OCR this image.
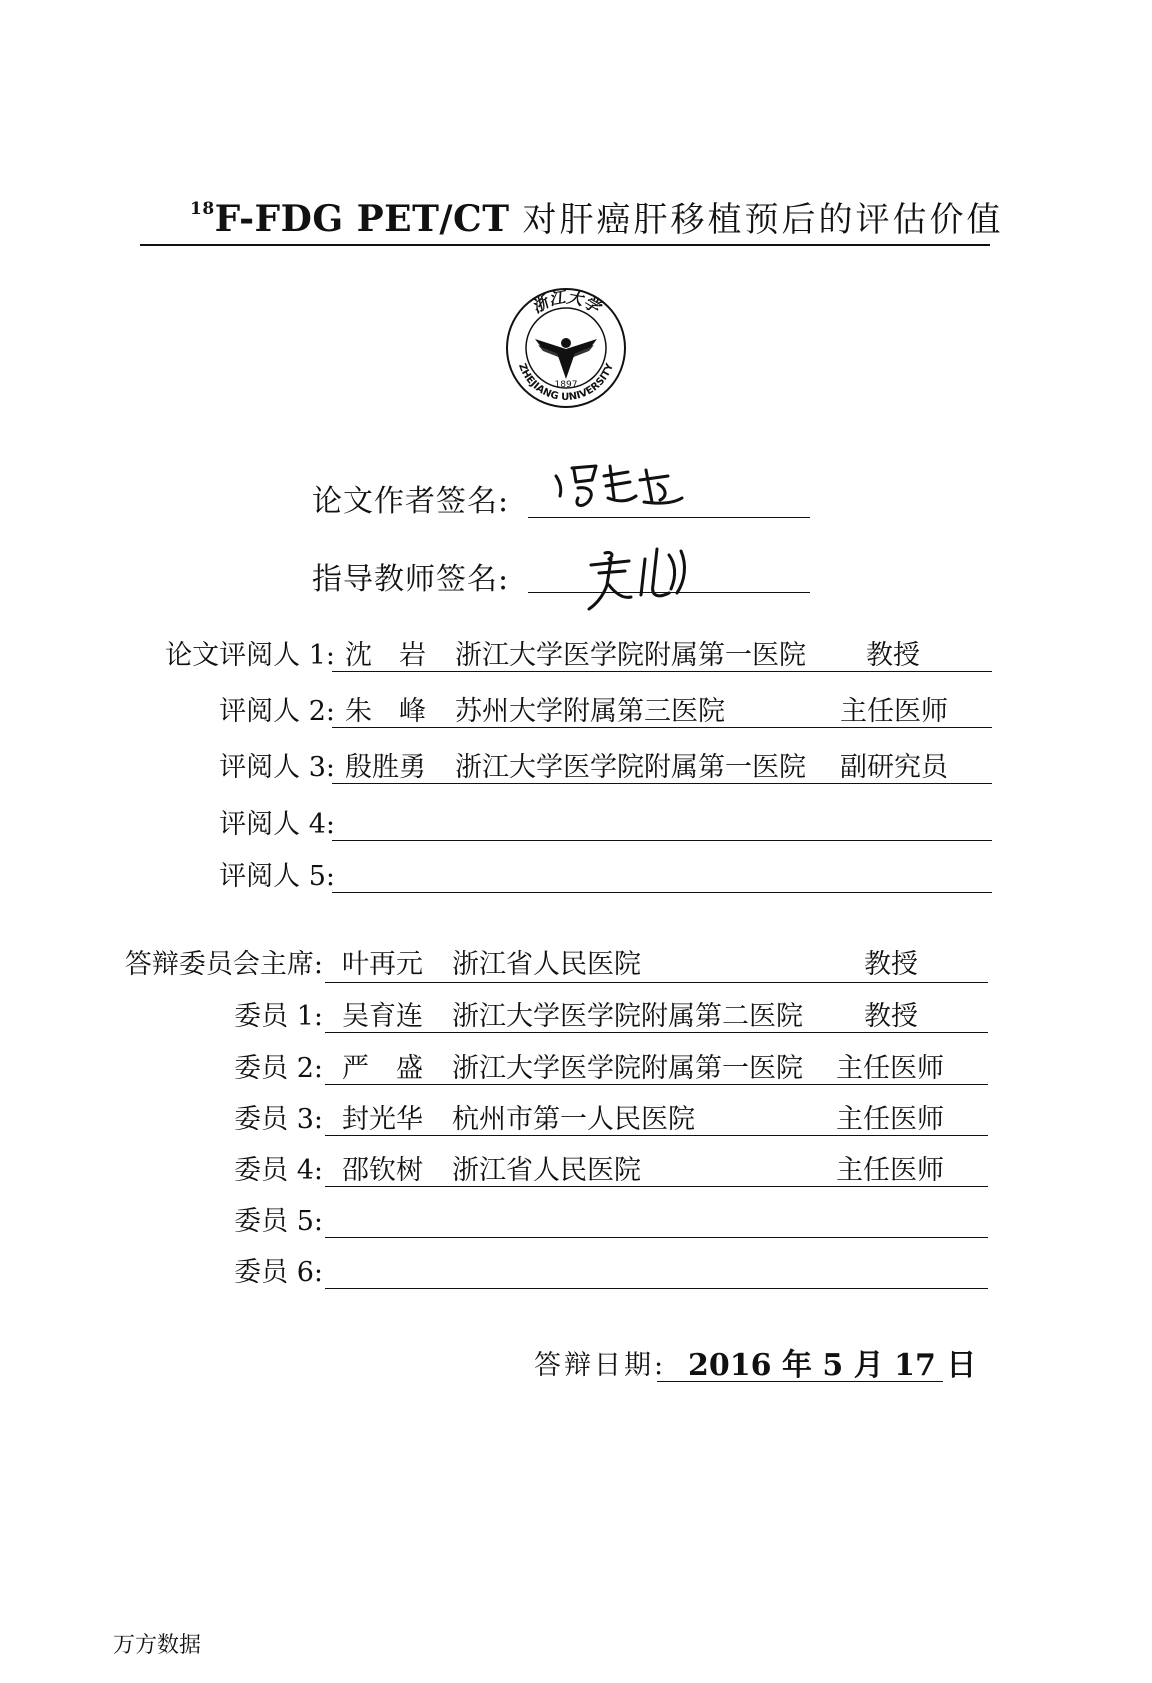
$^{18}$F-FDG PET/CT 对肝癌肝移植预后的评估价值
浙江大学
ZHEJIANG UNIVERSITY
1897
论文作者签名:
指导教师签名:
论文评阅人 1: 沈　岩 浙江大学医学院附属第一医院 教授
评阅人 2: 朱　峰 苏州大学附属第三医院	主任医师
评阅人 3: 殷胜勇 浙江大学医学院附属第一医院 副研究员
评阅人 4:
评阅人 5:
答辩委员会主席: 叶再元 浙江省人民医院	教授
委员 1: 吴育连 浙江大学医学院附属第二医院 教授
委员 2: 严　盛 浙江大学医学院附属第一医院 主任医师
委员 3: 封光华 杭州市第一人民医院	主任医师
委员 4: 邵钦树 浙江省人民医院	主任医师
委员 5:
委员 6:
答辩日期: 2016 年 5 月 17 日
万方数据
